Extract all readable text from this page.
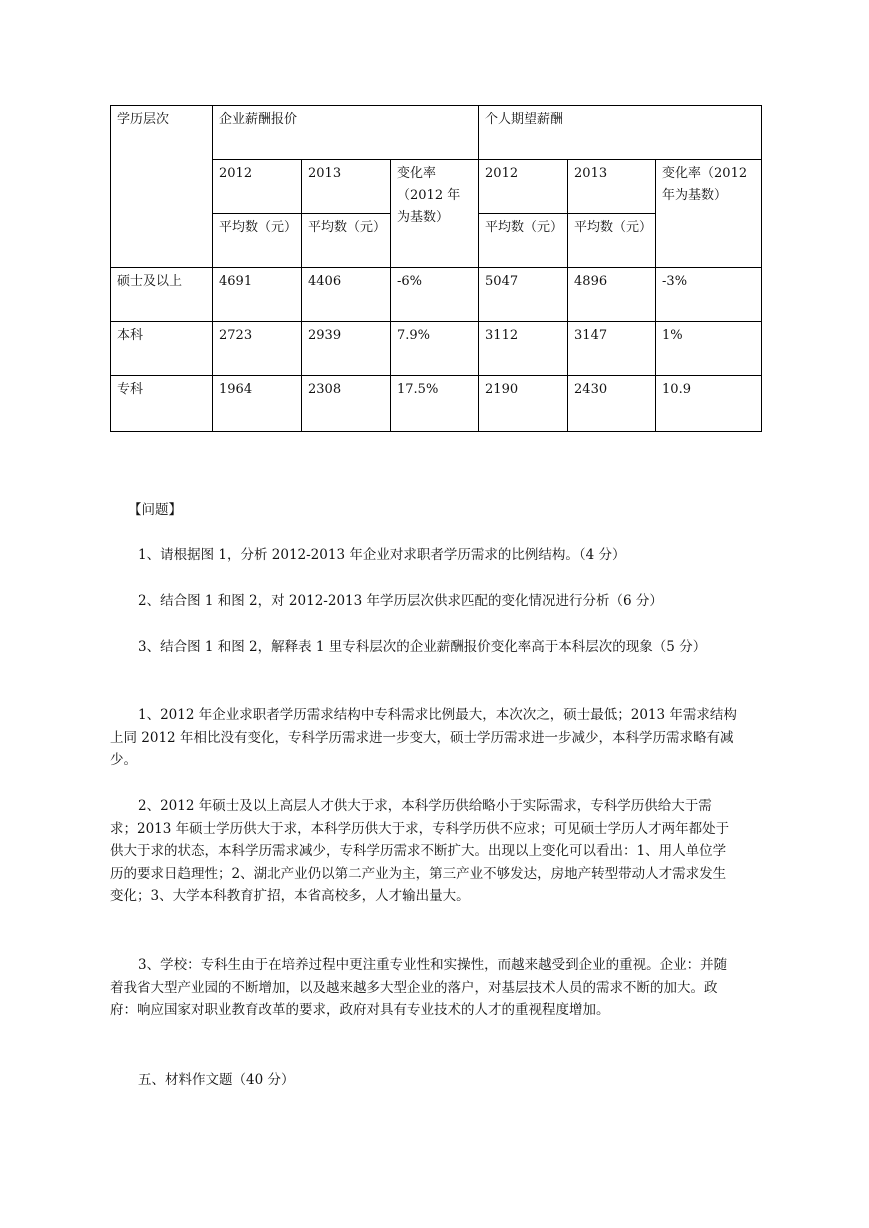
学历层次	企业薪酬报价			个人期望薪酬		
	2012	2013	变化率（2012 年为基数）	2012	2013	变化率（2012 年为基数）
	平均数（元）	平均数（元）		平均数（元）	平均数（元）	
硕士及以上	4691	4406	-6%	5047	4896	-3%
本科	2723	2939	7.9%	3112	3147	1%
专科	1964	2308	17.5%	2190	2430	10.9

【问题】

1、请根据图 1，分析 2012-2013 年企业对求职者学历需求的比例结构。（4 分）

2、结合图 1 和图 2，对 2012-2013 年学历层次供求匹配的变化情况进行分析（6 分）

3、结合图 1 和图 2，解释表 1 里专科层次的企业薪酬报价变化率高于本科层次的现象（5 分）

1、2012 年企业求职者学历需求结构中专科需求比例最大，本次次之，硕士最低；2013 年需求结构上同 2012 年相比没有变化，专科学历需求进一步变大，硕士学历需求进一步减少，本科学历需求略有减少。

2、2012 年硕士及以上高层人才供大于求，本科学历供给略小于实际需求，专科学历供给大于需求；2013 年硕士学历供大于求，本科学历供大于求，专科学历供不应求；可见硕士学历人才两年都处于供大于求的状态，本科学历需求减少，专科学历需求不断扩大。出现以上变化可以看出：1、用人单位学历的要求日趋理性；2、湖北产业仍以第二产业为主，第三产业不够发达，房地产转型带动人才需求发生变化；3、大学本科教育扩招，本省高校多，人才输出量大。

3、学校：专科生由于在培养过程中更注重专业性和实操性，而越来越受到企业的重视。企业：并随着我省大型产业园的不断增加，以及越来越多大型企业的落户，对基层技术人员的需求不断的加大。政府：响应国家对职业教育改革的要求，政府对具有专业技术的人才的重视程度增加。

五、材料作文题（40 分）
